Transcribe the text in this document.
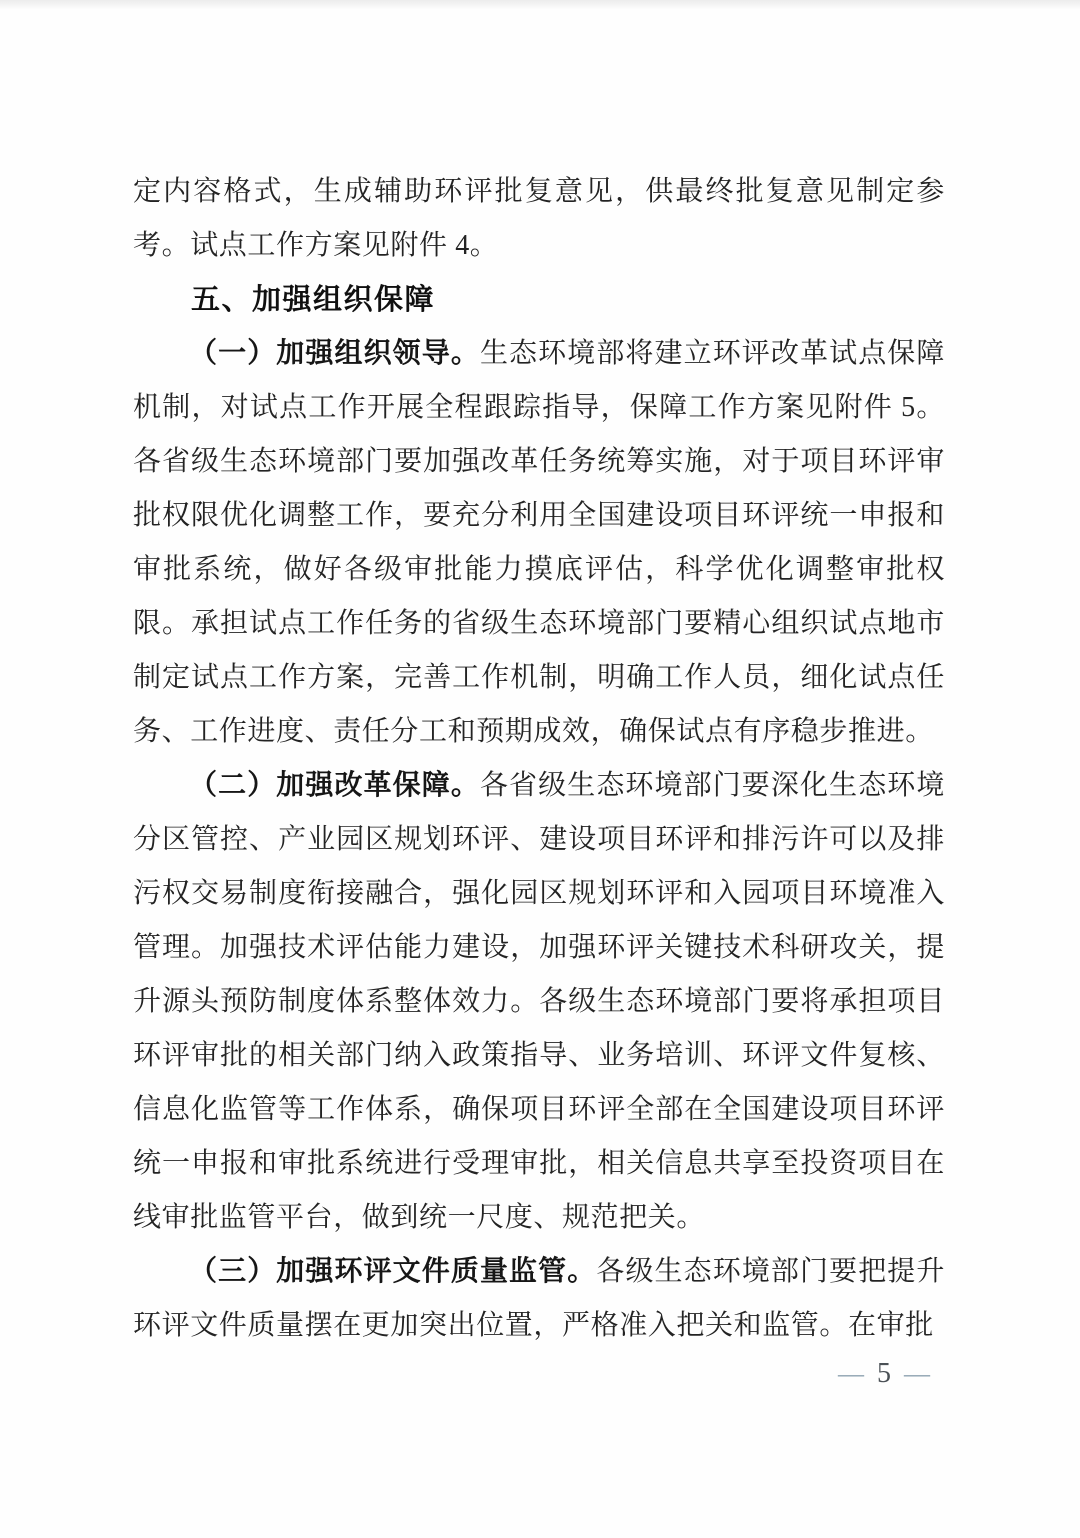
定内容格式，生成辅助环评批复意见，供最终批复意见制定参考。试点工作方案见附件 4。

五、加强组织保障

（一）加强组织领导。生态环境部将建立环评改革试点保障机制，对试点工作开展全程跟踪指导，保障工作方案见附件 5。各省级生态环境部门要加强改革任务统筹实施，对于项目环评审批权限优化调整工作，要充分利用全国建设项目环评统一申报和审批系统，做好各级审批能力摸底评估，科学优化调整审批权限。承担试点工作任务的省级生态环境部门要精心组织试点地市制定试点工作方案，完善工作机制，明确工作人员，细化试点任务、工作进度、责任分工和预期成效，确保试点有序稳步推进。

（二）加强改革保障。各省级生态环境部门要深化生态环境分区管控、产业园区规划环评、建设项目环评和排污许可以及排污权交易制度衔接融合，强化园区规划环评和入园项目环境准入管理。加强技术评估能力建设，加强环评关键技术科研攻关，提升源头预防制度体系整体效力。各级生态环境部门要将承担项目环评审批的相关部门纳入政策指导、业务培训、环评文件复核、信息化监管等工作体系，确保项目环评全部在全国建设项目环评统一申报和审批系统进行受理审批，相关信息共享至投资项目在线审批监管平台，做到统一尺度、规范把关。

（三）加强环评文件质量监管。各级生态环境部门要把提升环评文件质量摆在更加突出位置，严格准入把关和监管。在审批

— 5 —
